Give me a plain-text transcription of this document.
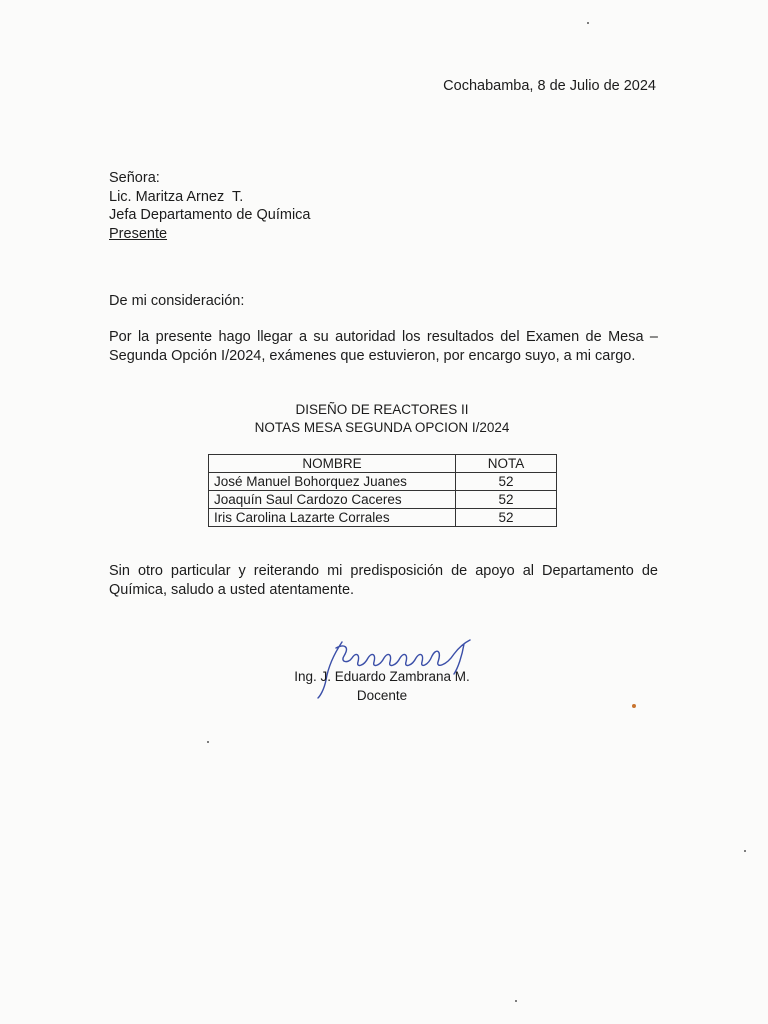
Cochabamba, 8 de Julio de 2024
Señora:
Lic. Maritza Arnez  T.
Jefa Departamento de Química
Presente
De mi consideración:
Por la presente hago llegar a su autoridad los resultados del Examen de Mesa – Segunda Opción I/2024, exámenes que estuvieron, por encargo suyo, a mi cargo.
DISEÑO DE REACTORES II
NOTAS MESA SEGUNDA OPCION I/2024
NOMBRE	NOTA
José Manuel Bohorquez Juanes	52
Joaquín Saul Cardozo Caceres	52
Iris Carolina Lazarte Corrales	52
Sin otro particular y reiterando mi predisposición de apoyo al Departamento de Química, saludo a usted atentamente.
Ing. J. Eduardo Zambrana M.
Docente
